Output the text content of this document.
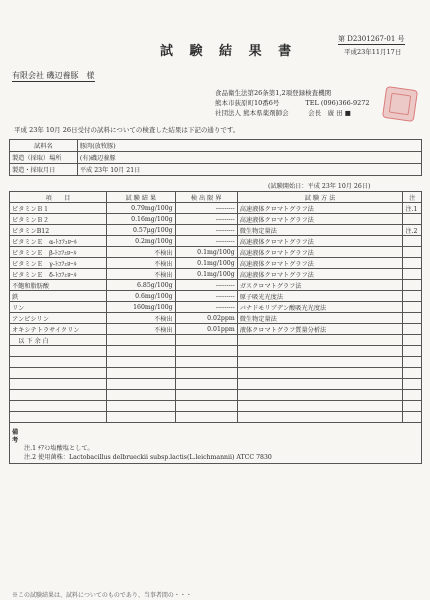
試 験 結 果 書
第 D2301267-01 号
平成23年11月17日
有限会社 磯辺養豚　様
食品衛生法第26条第1,2項登録検査機関
熊本市荻原町10番6号　　　　TEL (096)366-9272
社団法人 熊本県薬剤師会　　　会長　廣 田 ■
平成 23年 10月 26日受付の試料についての検査した結果は下記の通りです。
試料名	豚肉(放牧豚)
製造（採取）場所	(有)磯辺養豚
製造・採取月日	平成 23年 10月 21日
(試験開始日：平成 23年 10月 26日)
項　　目	試 験 結 果	検 出 限 界	試 験 方 法	注
ビタミンＢ１	0.79mg/100g	---------	高速液体クロマトグラフ法	注.1
ビタミンＢ２	0.16mg/100g	---------	高速液体クロマトグラフ法	
ビタミンB12	0.57μg/100g	---------	微生物定量法	注.2
ビタミンＥ　α-ﾄｺﾌｪﾛｰﾙ	0.2mg/100g	---------	高速液体クロマトグラフ法	
ビタミンＥ　β-ﾄｺﾌｪﾛｰﾙ	不検出	0.1mg/100g	高速液体クロマトグラフ法	
ビタミンＥ　γ-ﾄｺﾌｪﾛｰﾙ	不検出	0.1mg/100g	高速液体クロマトグラフ法	
ビタミンＥ　δ-ﾄｺﾌｪﾛｰﾙ	不検出	0.1mg/100g	高速液体クロマトグラフ法	
不飽和脂肪酸	6.85g/100g	---------	ガスクロマトグラフ法	
鉄	0.6mg/100g	---------	原子吸光光度法	
リン	160mg/100g	---------	バナドモリブデン酸吸光光度法	
アンピシリン	不検出	0.02ppm	微生物定量法	
オキシテトラサイクリン	不検出	0.01ppm	液体クロマトグラフ質量分析法	
　以 下 余 白				

備考
注.1 ﾁｱﾐﾝ塩酸塩として。
注.2 使用菌株：Lactobacillus delbrueckii subsp.lactis(L.leichmannii) ATCC 7830				
※この試験結果は、試料についてのものであり、当事者間の・・・
